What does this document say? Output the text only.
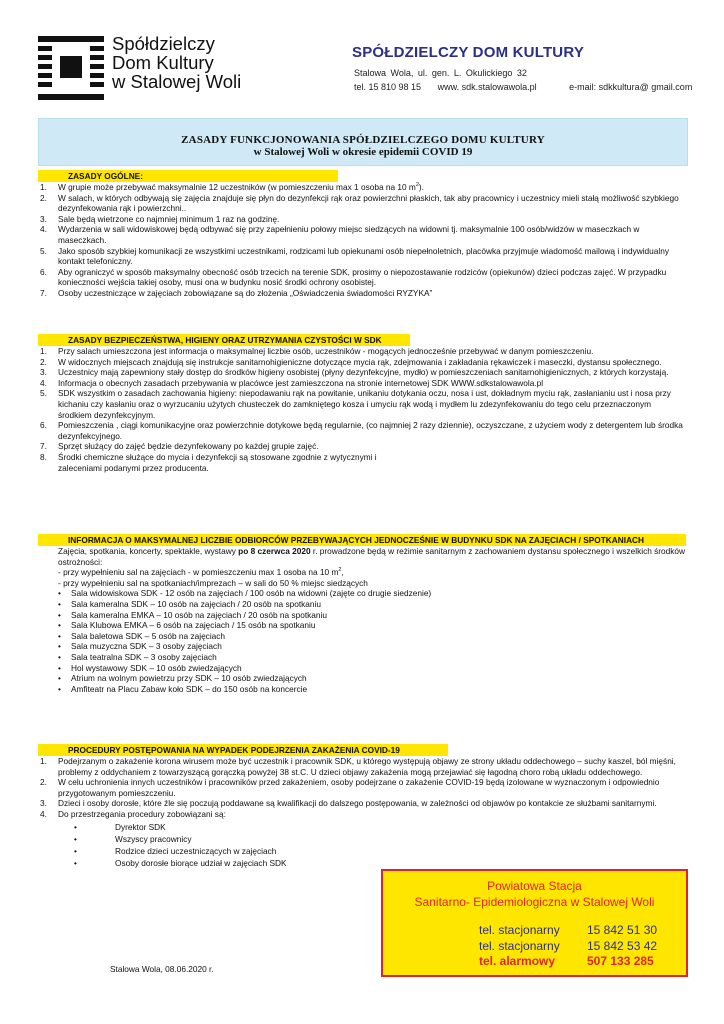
Spółdzielczy
Dom Kultury
w Stalowej Woli
SPÓŁDZIELCZY DOM KULTURY
Stalowa Wola, ul. gen. L. Okulickiego 32
tel. 15 810 98 15 www. sdk.stalowawola.pl	e-mail: sdkkultura@ gmail.com
ZASADY FUNKCJONOWANIA SPÓŁDZIELCZEGO DOMU KULTURY
w Stalowej Woli w okresie epidemii COVID 19
ZASADY OGÓLNE:
1. W grupie może przebywać maksymalnie 12 uczestników (w pomieszczeniu max 1 osoba na 10 $m^2$).
2. W salach, w których odbywają się zajęcia znajduje się płyn do dezynfekcji rąk oraz powierzchni płaskich, tak aby pracownicy i uczestnicy mieli stałą możliwość szybkiego dezynfekowania rąk i powierzchni..
3. Sale będą wietrzone co najmniej minimum 1 raz na godzinę.
4. Wydarzenia w sali widowiskowej będą odbywać się przy zapełnieniu połowy miejsc siedzących na widowni tj. maksymalnie 100 osób/widzów w maseczkach w maseczkach.
5. Jako sposób szybkiej komunikacji ze wszystkimi uczestnikami, rodzicami lub opiekunami osób niepełnoletnich, placówka przyjmuje wiadomość mailową i indywidualny kontakt telefoniczny.
6. Aby ograniczyć w sposób maksymalny obecność osób trzecich na terenie SDK, prosimy o niepozostawanie rodziców (opiekunów) dzieci podczas zajęć. W przypadku konieczności wejścia takiej osoby, musi ona w budynku nosić środki ochrony osobistej.
7. Osoby uczestniczące w zajęciach zobowiązane są do złożenia „Oświadczenia świadomości RYZYKA”
ZASADY BEZPIECZEŃSTWA, HIGIENY ORAZ UTRZYMANIA CZYSTOŚCI W SDK
1. Przy salach umieszczona jest informacja o maksymalnej liczbie osób, uczestników - mogących jednocześnie przebywać w danym pomieszczeniu.
2. W widocznych miejscach znajdują się instrukcje sanitarnohigieniczne dotyczące mycia rąk, zdejmowania i zakładania rękawiczek i maseczki, dystansu społecznego.
3. Uczestnicy mają zapewniony stały dostęp do środków higieny osobistej (płyny dezynfekcyjne, mydło) w pomieszczeniach sanitarnohigienicznych, z których korzystają.
4. Informacja o obecnych zasadach przebywania w placówce jest zamieszczona na stronie internetowej SDK WWW.sdkstalowawola.pl
5. SDK wszystkim o zasadach zachowania higieny: niepodawaniu rąk na powitanie, unikaniu dotykania oczu, nosa i ust, dokładnym myciu rąk, zasłanianiu ust i nosa przy kichaniu czy kasłaniu oraz o wyrzucaniu użytych chusteczek do zamkniętego kosza i umyciu rąk wodą i mydłem lu zdezynfekowaniu do tego celu przeznaczonym środkiem dezynfekcyjnym.
6. Pomieszczenia , ciągi komunikacyjne oraz powierzchnie dotykowe będą regularnie, (co najmniej 2 razy dziennie), oczyszczane, z użyciem wody z detergentem lub środka dezynfekcyjnego.
7. Sprzęt służący do zajęć będzie dezynfekowany po każdej grupie zajęć.
8. Środki chemiczne służące do mycia i dezynfekcji są stosowane zgodnie z wytycznymi i zaleceniami podanymi przez producenta.
INFORMACJA O MAKSYMALNEJ LICZBIE ODBIORCÓW PRZEBYWAJĄCYCH JEDNOCZEŚNIE W BUDYNKU SDK NA ZAJĘCIACH / SPOTKANIACH
Zajęcia, spotkania, koncerty, spektakle, wystawy po 8 czerwca 2020 r. prowadzone będą w reżimie sanitarnym z zachowaniem dystansu społecznego i wszelkich środków ostrożności:
- przy wypełnieniu sal na zajęciach - w pomieszczeniu max 1 osoba na 10 $m^2$,
- przy wypełnieniu sal na spotkaniach/imprezach – w sali do 50 % miejsc siedzących
• Sala widowiskowa SDK - 12 osób na zajęciach / 100 osób na widowni (zajęte co drugie siedzenie)
• Sala kameralna SDK – 10 osób na zajęciach / 20 osób na spotkaniu
• Sala kameralna EMKA – 10 osób na zajęciach / 20 osób na spotkaniu
• Sala Klubowa EMKA – 6 osób na zajęciach / 15 osób na spotkaniu
• Sala baletowa SDK – 5 osób na zajęciach
• Sala muzyczna SDK – 3 osoby zajęciach
• Sala teatralna SDK – 3 osoby zajęciach
• Hol wystawowy SDK – 10 osób zwiedzających
• Atrium na wolnym powietrzu przy SDK – 10 osób zwiedzających
• Amfiteatr na Placu Zabaw koło SDK – do 150 osób na koncercie
PROCEDURY POSTĘPOWANIA NA WYPADEK PODEJRZENIA ZAKAŻENIA COVID-19
1. Podejrzanym o zakażenie korona wirusem może być uczestnik i pracownik SDK, u którego występują objawy ze strony układu oddechowego – suchy kaszel, ból mięśni, problemy z oddychaniem z towarzyszącą gorączką powyżej 38 st.C. U dzieci objawy zakażenia mogą przejawiać się łagodną choro robą układu oddechowego.
2. W celu uchronienia innych uczestników i pracowników przed zakażeniem, osoby podejrzane o zakażenie COVID-19 będą izolowane w wyznaczonym i odpowiednio przygotowanym pomieszczeniu.
3. Dzieci i osoby dorosłe, które źle się poczują poddawane są kwalifikacji do dalszego postępowania, w zależności od objawów po kontakcie ze służbami sanitarnymi.
4. Do przestrzegania procedury zobowiązani są:
• Dyrektor SDK
• Wszyscy pracownicy
• Rodzice dzieci uczestniczących w zajęciach
• Osoby dorosłe biorące udział w zajęciach SDK
Powiatowa Stacja
Sanitarno- Epidemiologiczna w Stalowej Woli
tel. stacjonarny 15 842 51 30
tel. stacjonarny 15 842 53 42
tel. alarmowy	507 133 285
Stalowa Wola, 08.06.2020 r.
